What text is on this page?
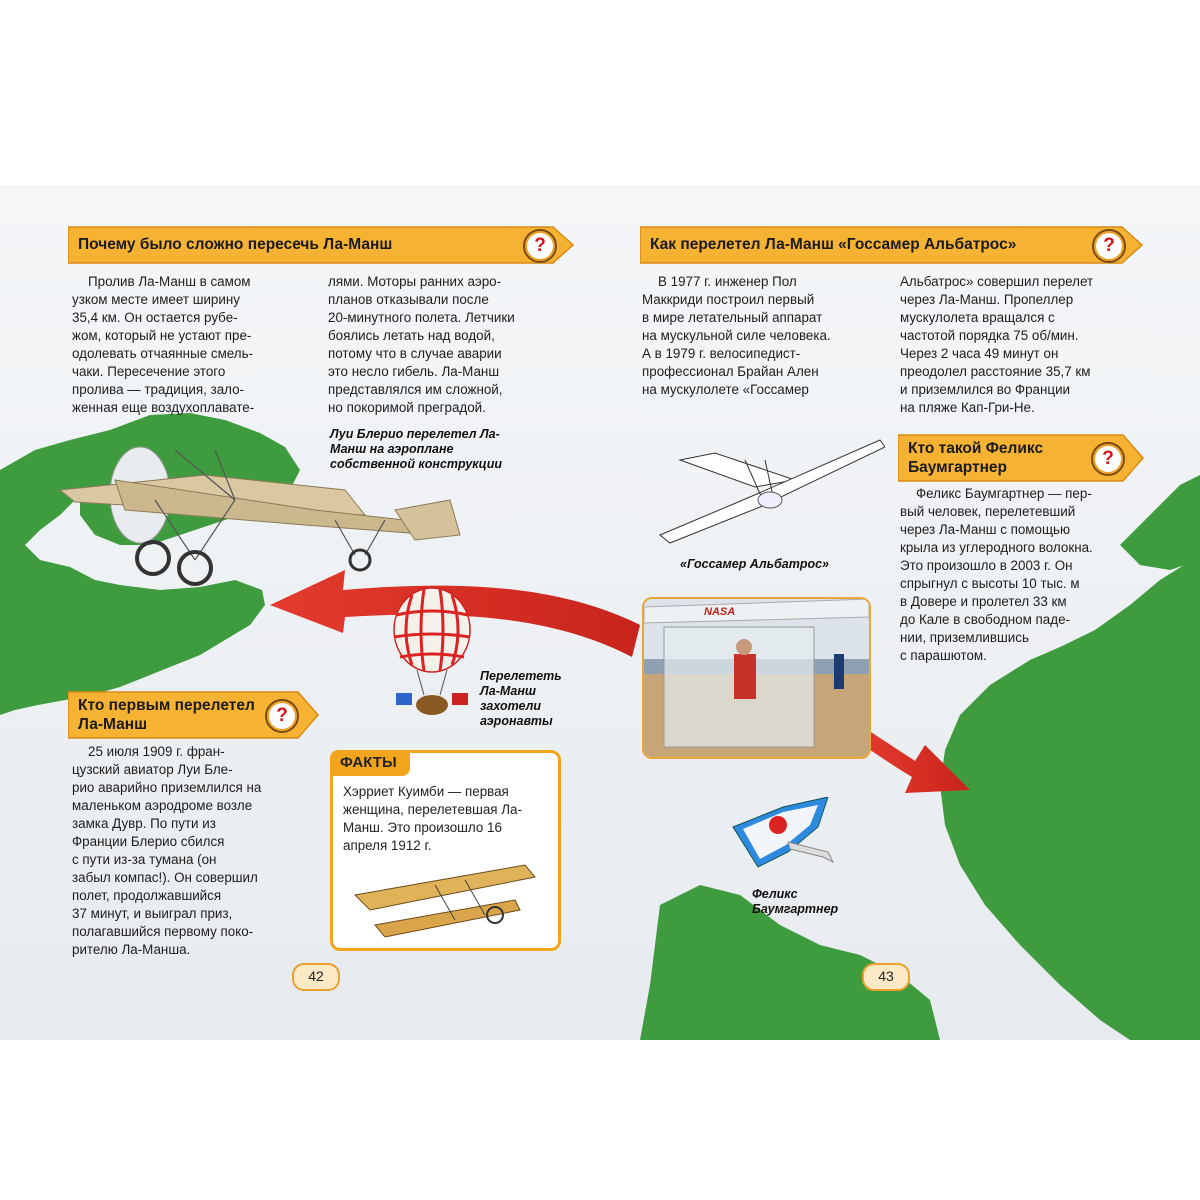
Почему было сложно пересечь Ла-Манш	?

Пролив Ла-Манш в самом

узком месте имеет ширину
35,4 км. Он остается рубе-
жом, который не устают пре-
одолевать отчаянные смель-
чаки. Пересечение этого
пролива — традиция, зало-
женная еще воздухоплавате-
лями. Моторы ранних аэро-
планов отказывали после
20-минутного полета. Летчики
боялись летать над водой,
потому что в случае аварии
это несло гибель. Ла-Манш
представлялся им сложной,
но покоримой преградой.
Луи Блерио перелетел Ла-Манш на аэроплане собственной конструкции
Перелететь Ла-Манш захотели аэронавты
Кто первым перелетел Ла-Манш	?

25 июля 1909 г. фран-

цузский авиатор Луи Бле-
рио аварийно приземлился на
маленьком аэродроме возле
замка Дувр. По пути из
Франции Блерио сбился
с пути из-за тумана (он
забыл компас!). Он совершил
полет, продолжавшийся
37 минут, и выиграл приз,
полагавшийся первому поко-
рителю Ла-Манша.
ФАКТЫ
Хэрриет Куимби — первая женщина, перелетевшая Ла-Манш. Это произошло 16 апреля 1912 г.
42
Как перелетел Ла-Манш «Госсамер Альбатрос»	?

В 1977 г. инженер Пол

Маккриди построил первый
в мире летательный аппарат
на мускульной силе человека.
А в 1979 г. велосипедист-
профессионал Брайан Ален
на мускулолете «Госсамер
Альбатрос» совершил перелет
через Ла-Манш. Пропеллер
мускулолета вращался с
частотой порядка 75 об/мин.
Через 2 часа 49 минут он
преодолел расстояние 35,7 км
и приземлился во Франции
на пляже Кап-Гри-Не.
«Госсамер Альбатрос»
Кто такой Феликс
Баумгартнер	?

Феликс Баумгартнер — пер-

вый человек, перелетевший
через Ла-Манш с помощью
крыла из углеродного волокна.
Это произошло в 2003 г. Он
спрыгнул с высоты 10 тыс. м
в Довере и пролетел 33 км
до Кале в свободном паде-
нии, приземлившись
с парашютом.
NASA
Феликс Баумгартнер
43
